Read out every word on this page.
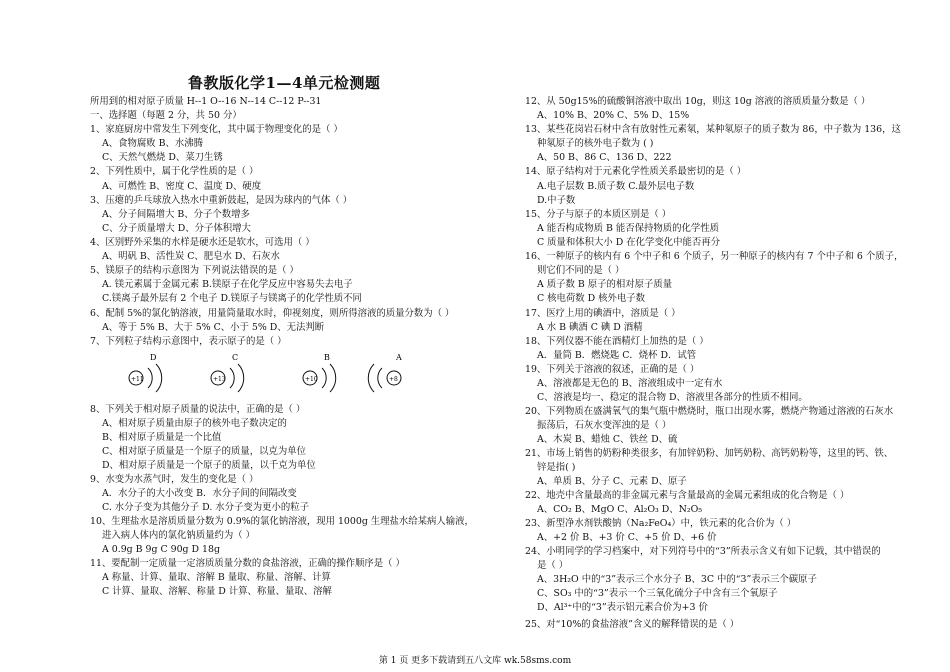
鲁教版化学1—4单元检测题
所用到的相对原子质量 H--1 O--16 N--14 C--12 P--31
一、选择题（每题 2 分，共 50 分）
1、家庭厨房中常发生下列变化，其中属于物理变化的是（ ）
A、食物腐败 B、水沸腾
C、天然气燃烧 D、菜刀生锈
2、下列性质中，属于化学性质的是（ ）
A、可燃性 B、密度 C、温度 D、硬度
3、压瘪的乒乓球放入热水中重新鼓起，是因为球内的气体（ ）
A、分子间隔增大 B、分子个数增多
C、分子质量增大 D、分子体积增大
4、区别野外采集的水样是硬水还是软水，可选用（ ）
A、明矾 B、活性炭 C、肥皂水 D、石灰水
5、镁原子的结构示意图为 下列说法错误的是（ ）
A. 镁元素属于金属元素 B.镁原子在化学反应中容易失去电子
C.镁离子最外层有 2 个电子 D.镁原子与镁离子的化学性质不同
6、配制 5%的氯化钠溶液，用量筒量取水时，仰视刻度，则所得溶液的质量分数为（ ）
A、等于 5% B、大于 5% C、小于 5% D、无法判断
7、下列粒子结构示意图中，表示原子的是（ ）
8、下列关于相对原子质量的说法中，正确的是（ ）
A、相对原子质量由原子的核外电子数决定的
B、相对原子质量是一个比值
C、相对原子质量是一个原子的质量，以克为单位
D、相对原子质量是一个原子的质量，以千克为单位
9、水变为水蒸气时，发生的变化是（ ）
A．水分子的大小改变 B．水分子间的间隔改变
C. 水分子变为其他分子 D. 水分子变为更小的粒子
10、生理盐水是溶质质量分数为 0.9%的氯化钠溶液，现用 1000g 生理盐水给某病人输液，
进入病人体内的氯化钠质量约为（ ）
A 0.9g B 9g C 90g D 18g
11、要配制一定质量一定溶质质量分数的食盐溶液，正确的操作顺序是（ ）
A 称量、计算、量取、溶解 B 量取、称量、溶解、计算
C 计算、量取、溶解、称量 D 计算、称量、量取、溶解
12、从 50g15%的硫酸铜溶液中取出 10g，则这 10g 溶液的溶质质量分数是（ ）
A、10% B、20% C、5% D、15%
13、某些花岗岩石材中含有放射性元素氡，某种氡原子的质子数为 86，中子数为 136，这
种氡原子的核外电子数为 ( )
A、50 B、86 C、136 D、222
14、原子结构对于元素化学性质关系最密切的是（ ）
A.电子层数 B.质子数 C.最外层电子数
D.中子数
15、分子与原子的本质区别是（ ）
A 能否构成物质 B 能否保持物质的化学性质
C 质量和体积大小 D 在化学变化中能否再分
16、一种原子的核内有 6 个中子和 6 个质子，另一种原子的核内有 7 个中子和 6 个质子，
则它们不同的是（ ）
A 质子数 B 原子的相对原子质量
C 核电荷数 D 核外电子数
17、医疗上用的碘酒中，溶质是（ ）
A 水 B 碘酒 C 碘 D 酒精
18、下列仪器不能在酒精灯上加热的是（ ）
A．量筒 B．燃烧匙 C．烧杯 D．试管
19、下列关于溶液的叙述，正确的是（ ）
A、溶液都是无色的 B、溶液组成中一定有水
C、溶液是均一、稳定的混合物 D、溶液里各部分的性质不相同。
20、下列物质在盛满氧气的集气瓶中燃烧时，瓶口出现水雾，燃烧产物通过溶液的石灰水
振荡后，石灰水变浑浊的是（ ）
A、木炭 B、蜡烛 C、铁丝 D、硫
21、市场上销售的奶粉种类很多，有加锌奶粉、加钙奶粉、高钙奶粉等，这里的钙、铁、
锌是指( )
A、单质 B、分子 C、元素 D、原子
22、地壳中含量最高的非金属元素与含量最高的金属元素组成的化合物是（ ）
A、CO₂ B、MgO C、Al₂O₃ D、N₂O₅
23、新型净水剂铁酸钠（Na₂FeO₄）中，铁元素的化合价为（ ）
A、+2 价 B、+3 价 C、+5 价 D、+6 价
24、小明同学的学习档案中，对下列符号中的“3”所表示含义有如下记载，其中错误的
是（ ）
A、3H₂O 中的“3”表示三个水分子 B、3C 中的“3”表示三个碳原子
C、SO₃ 中的“3”表示一个三氧化硫分子中含有三个氧原子
D、Al³⁺中的“3”表示铝元素合价为+3 价
25、对“10%的食盐溶液”含义的解释错误的是（ ）
D
+11
C
+13
B
+10
A
+8
第 1 页 更多下载请到五八文库 wk.58sms.com
